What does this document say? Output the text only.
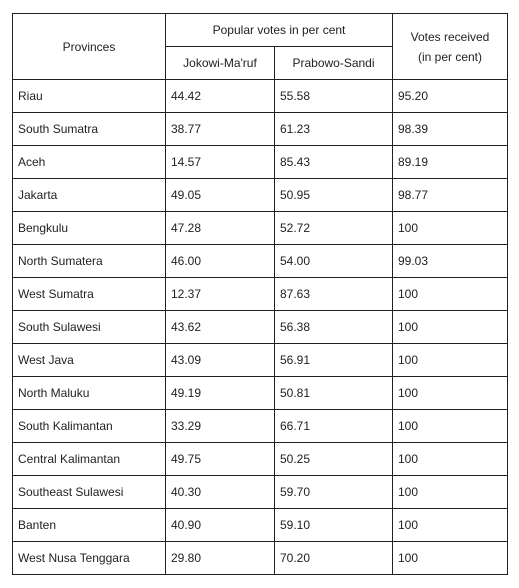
Provinces	Popular votes in per cent		Votes received
(in per cent)
	Jokowi-Ma'ruf	Prabowo-Sandi	
Riau	44.42	55.58	95.20
South Sumatra	38.77	61.23	98.39
Aceh	14.57	85.43	89.19
Jakarta	49.05	50.95	98.77
Bengkulu	47.28	52.72	100
North Sumatera	46.00	54.00	99.03
West Sumatra	12.37	87.63	100
South Sulawesi	43.62	56.38	100
West Java	43.09	56.91	100
North Maluku	49.19	50.81	100
South Kalimantan	33.29	66.71	100
Central Kalimantan	49.75	50.25	100
Southeast Sulawesi	40.30	59.70	100
Banten	40.90	59.10	100
West Nusa Tenggara	29.80	70.20	100
